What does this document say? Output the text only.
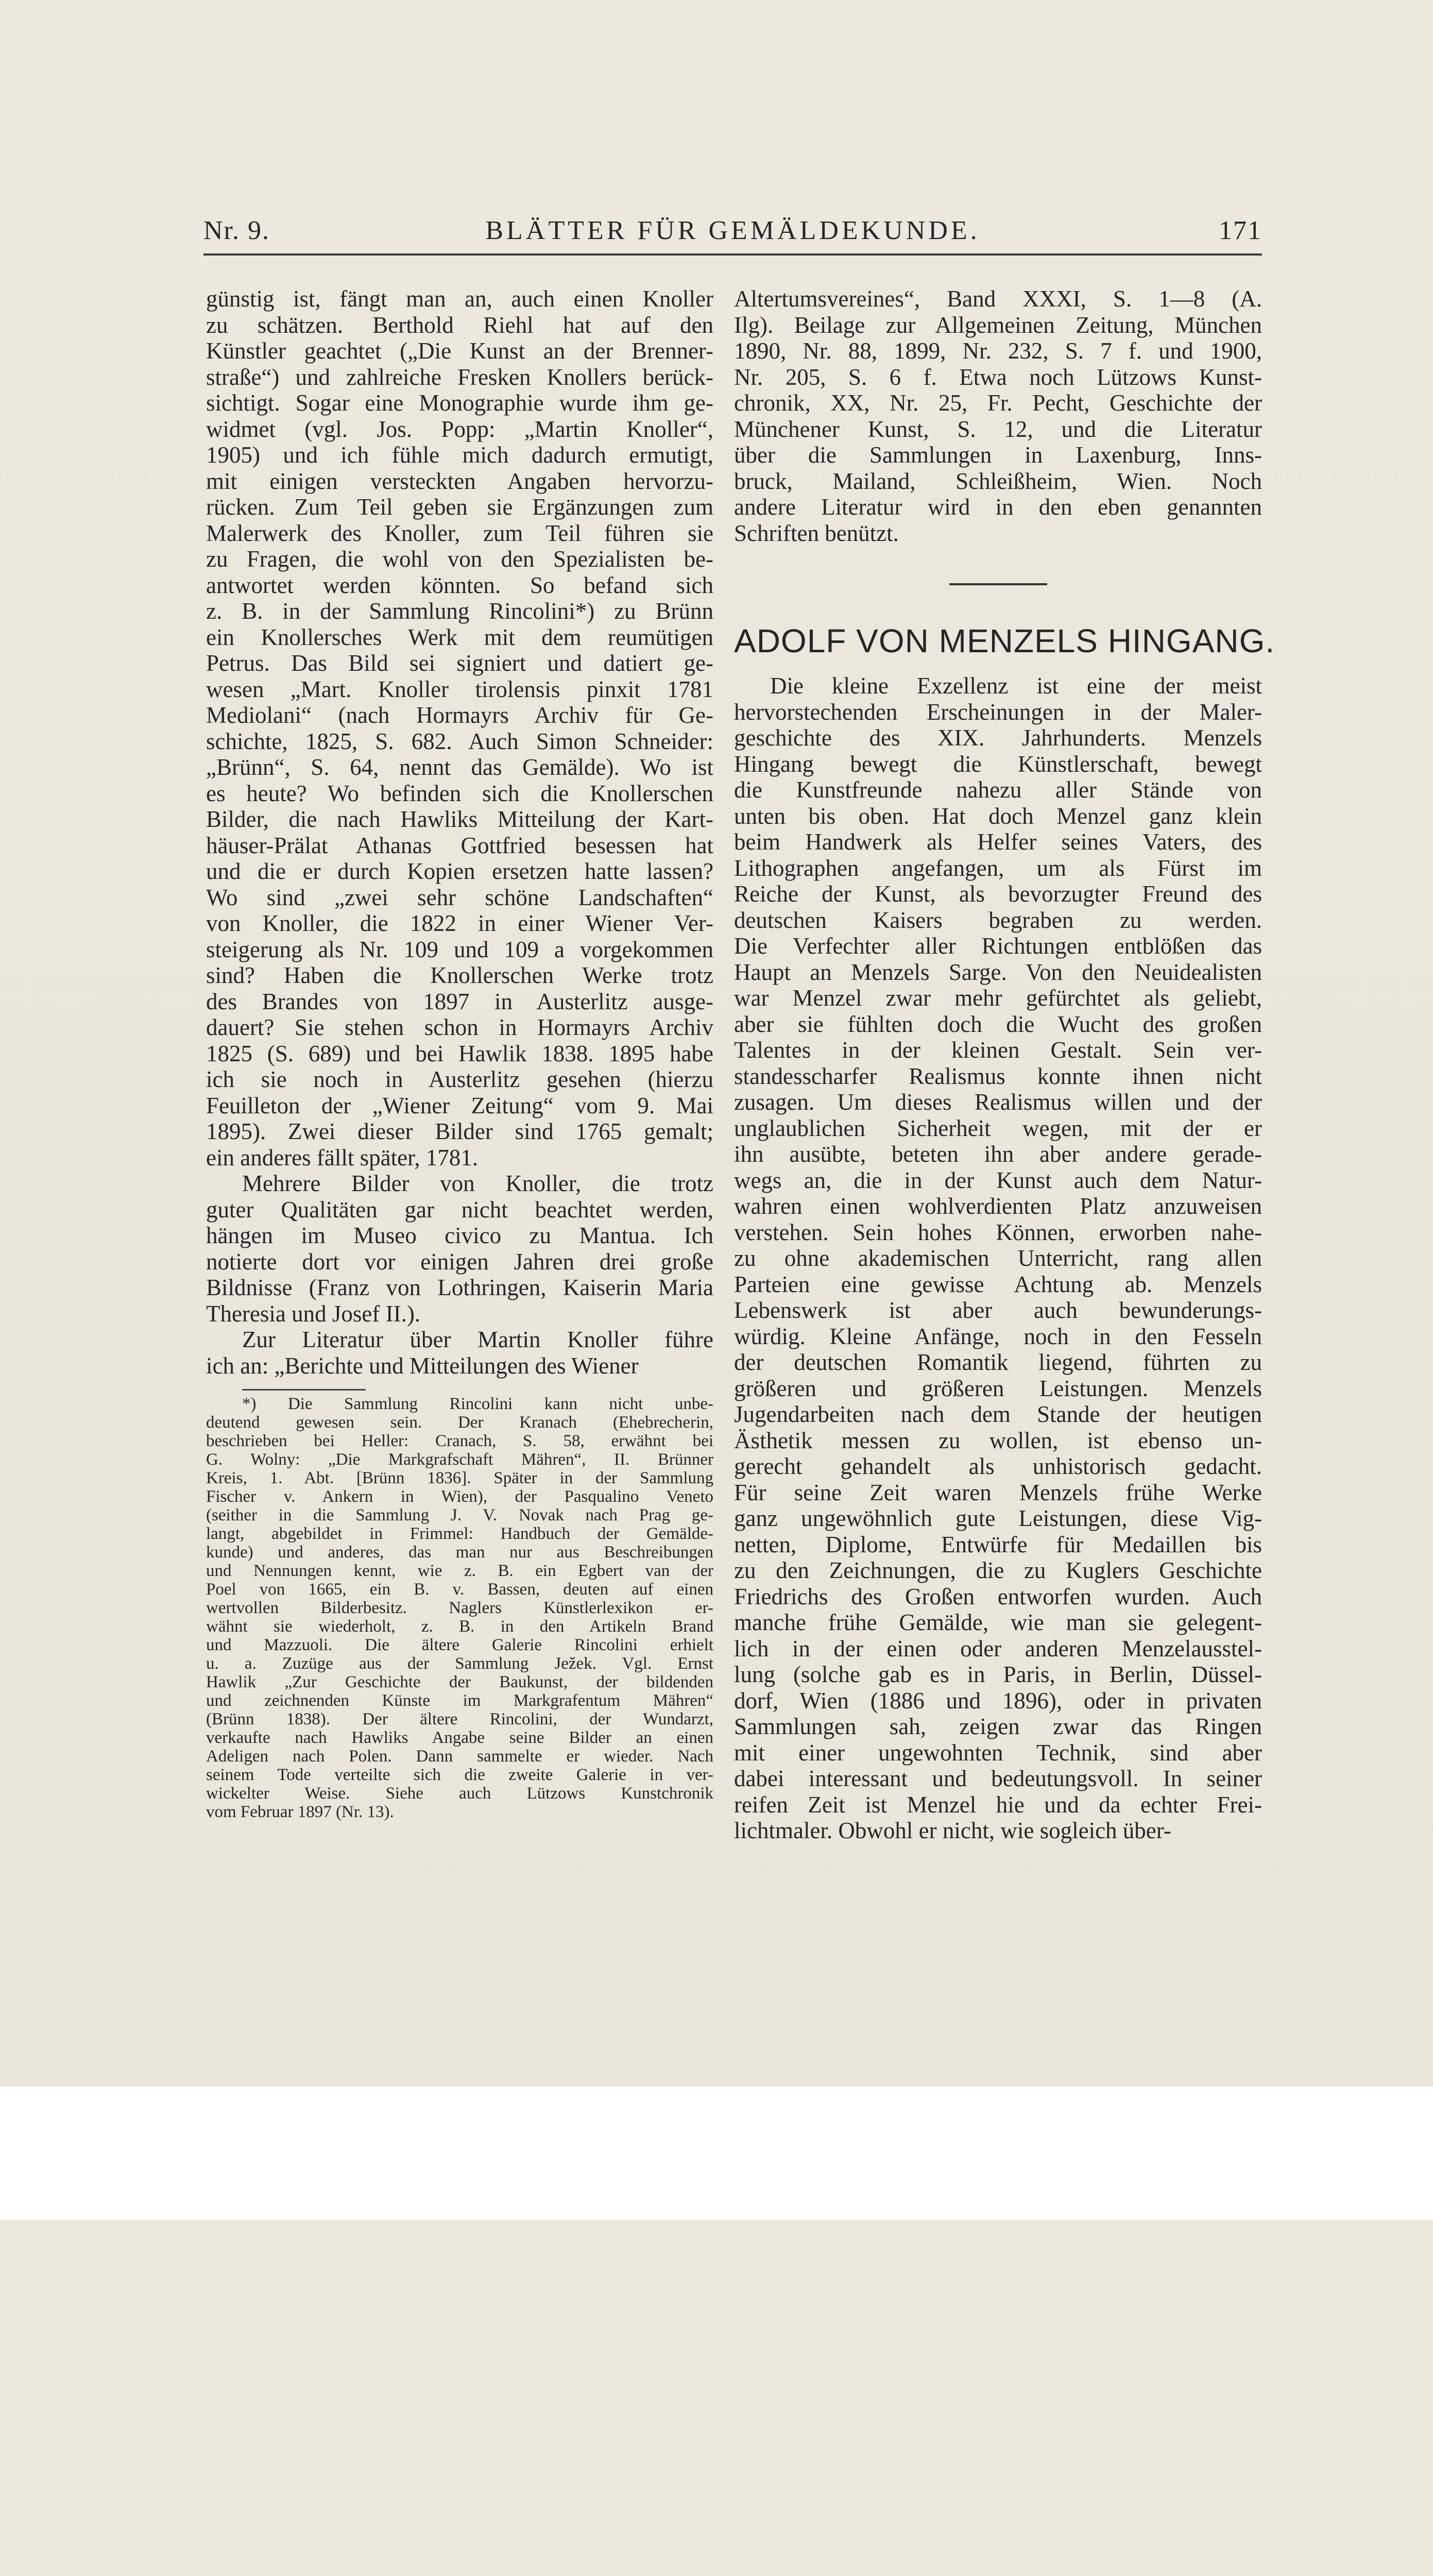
Nr. 9.	BLÄTTER FÜR GEMÄLDEKUNDE.	171
günstig ist, fängt man an, auch einen Knoller
zu schätzen. Berthold Riehl hat auf den
Künstler geachtet („Die Kunst an der Brenner-
straße“) und zahlreiche Fresken Knollers berück-
sichtigt. Sogar eine Monographie wurde ihm ge-
widmet (vgl. Jos. Popp: „Martin Knoller“,
1905) und ich fühle mich dadurch ermutigt,
mit einigen versteckten Angaben hervorzu-
rücken. Zum Teil geben sie Ergänzungen zum
Malerwerk des Knoller, zum Teil führen sie
zu Fragen, die wohl von den Spezialisten be-
antwortet werden könnten. So befand sich
z. B. in der Sammlung Rincolini*) zu Brünn
ein Knollersches Werk mit dem reumütigen
Petrus. Das Bild sei signiert und datiert ge-
wesen „Mart. Knoller tirolensis pinxit 1781
Mediolani“ (nach Hormayrs Archiv für Ge-
schichte, 1825, S. 682. Auch Simon Schneider:
„Brünn“, S. 64, nennt das Gemälde). Wo ist
es heute? Wo befinden sich die Knollerschen
Bilder, die nach Hawliks Mitteilung der Kart-
häuser-Prälat Athanas Gottfried besessen hat
und die er durch Kopien ersetzen hatte lassen?
Wo sind „zwei sehr schöne Landschaften“
von Knoller, die 1822 in einer Wiener Ver-
steigerung als Nr. 109 und 109 a vorgekommen
sind? Haben die Knollerschen Werke trotz
des Brandes von 1897 in Austerlitz ausge-
dauert? Sie stehen schon in Hormayrs Archiv
1825 (S. 689) und bei Hawlik 1838. 1895 habe
ich sie noch in Austerlitz gesehen (hierzu
Feuilleton der „Wiener Zeitung“ vom 9. Mai
1895). Zwei dieser Bilder sind 1765 gemalt;
ein anderes fällt später, 1781.
Mehrere Bilder von Knoller, die trotz
guter Qualitäten gar nicht beachtet werden,
hängen im Museo civico zu Mantua. Ich
notierte dort vor einigen Jahren drei große
Bildnisse (Franz von Lothringen, Kaiserin Maria
Theresia und Josef II.).
Zur Literatur über Martin Knoller führe
ich an: „Berichte und Mitteilungen des Wiener
*) Die Sammlung Rincolini kann nicht unbe-
deutend gewesen sein. Der Kranach (Ehebrecherin,
beschrieben bei Heller: Cranach, S. 58, erwähnt bei
G. Wolny: „Die Markgrafschaft Mähren“, II. Brünner
Kreis, 1. Abt. [Brünn 1836]. Später in der Sammlung
Fischer v. Ankern in Wien), der Pasqualino Veneto
(seither in die Sammlung J. V. Novak nach Prag ge-
langt, abgebildet in Frimmel: Handbuch der Gemälde-
kunde) und anderes, das man nur aus Beschreibungen
und Nennungen kennt, wie z. B. ein Egbert van der
Poel von 1665, ein B. v. Bassen, deuten auf einen
wertvollen Bilderbesitz. Naglers Künstlerlexikon er-
wähnt sie wiederholt, z. B. in den Artikeln Brand
und Mazzuoli. Die ältere Galerie Rincolini erhielt
u. a. Zuzüge aus der Sammlung Ježek. Vgl. Ernst
Hawlik „Zur Geschichte der Baukunst, der bildenden
und zeichnenden Künste im Markgrafentum Mähren“
(Brünn 1838). Der ältere Rincolini, der Wundarzt,
verkaufte nach Hawliks Angabe seine Bilder an einen
Adeligen nach Polen. Dann sammelte er wieder. Nach
seinem Tode verteilte sich die zweite Galerie in ver-
wickelter Weise. Siehe auch Lützows Kunstchronik
vom Februar 1897 (Nr. 13).
Altertumsvereines“, Band XXXI, S. 1—8 (A.
Ilg). Beilage zur Allgemeinen Zeitung, München
1890, Nr. 88, 1899, Nr. 232, S. 7 f. und 1900,
Nr. 205, S. 6 f. Etwa noch Lützows Kunst-
chronik, XX, Nr. 25, Fr. Pecht, Geschichte der
Münchener Kunst, S. 12, und die Literatur
über die Sammlungen in Laxenburg, Inns-
bruck, Mailand, Schleißheim, Wien. Noch
andere Literatur wird in den eben genannten
Schriften benützt.
ADOLF VON MENZELS HINGANG.
Die kleine Exzellenz ist eine der meist
hervorstechenden Erscheinungen in der Maler-
geschichte des XIX. Jahrhunderts. Menzels
Hingang bewegt die Künstlerschaft, bewegt
die Kunstfreunde nahezu aller Stände von
unten bis oben. Hat doch Menzel ganz klein
beim Handwerk als Helfer seines Vaters, des
Lithographen angefangen, um als Fürst im
Reiche der Kunst, als bevorzugter Freund des
deutschen Kaisers begraben zu werden.
Die Verfechter aller Richtungen entblößen das
Haupt an Menzels Sarge. Von den Neuidealisten
war Menzel zwar mehr gefürchtet als geliebt,
aber sie fühlten doch die Wucht des großen
Talentes in der kleinen Gestalt. Sein ver-
standesscharfer Realismus konnte ihnen nicht
zusagen. Um dieses Realismus willen und der
unglaublichen Sicherheit wegen, mit der er
ihn ausübte, beteten ihn aber andere gerade-
wegs an, die in der Kunst auch dem Natur-
wahren einen wohlverdienten Platz anzuweisen
verstehen. Sein hohes Können, erworben nahe-
zu ohne akademischen Unterricht, rang allen
Parteien eine gewisse Achtung ab. Menzels
Lebenswerk ist aber auch bewunderungs-
würdig. Kleine Anfänge, noch in den Fesseln
der deutschen Romantik liegend, führten zu
größeren und größeren Leistungen. Menzels
Jugendarbeiten nach dem Stande der heutigen
Ästhetik messen zu wollen, ist ebenso un-
gerecht gehandelt als unhistorisch gedacht.
Für seine Zeit waren Menzels frühe Werke
ganz ungewöhnlich gute Leistungen, diese Vig-
netten, Diplome, Entwürfe für Medaillen bis
zu den Zeichnungen, die zu Kuglers Geschichte
Friedrichs des Großen entworfen wurden. Auch
manche frühe Gemälde, wie man sie gelegent-
lich in der einen oder anderen Menzelausstel-
lung (solche gab es in Paris, in Berlin, Düssel-
dorf, Wien (1886 und 1896), oder in privaten
Sammlungen sah, zeigen zwar das Ringen
mit einer ungewohnten Technik, sind aber
dabei interessant und bedeutungsvoll. In seiner
reifen Zeit ist Menzel hie und da echter Frei-
lichtmaler. Obwohl er nicht, wie sogleich über-
